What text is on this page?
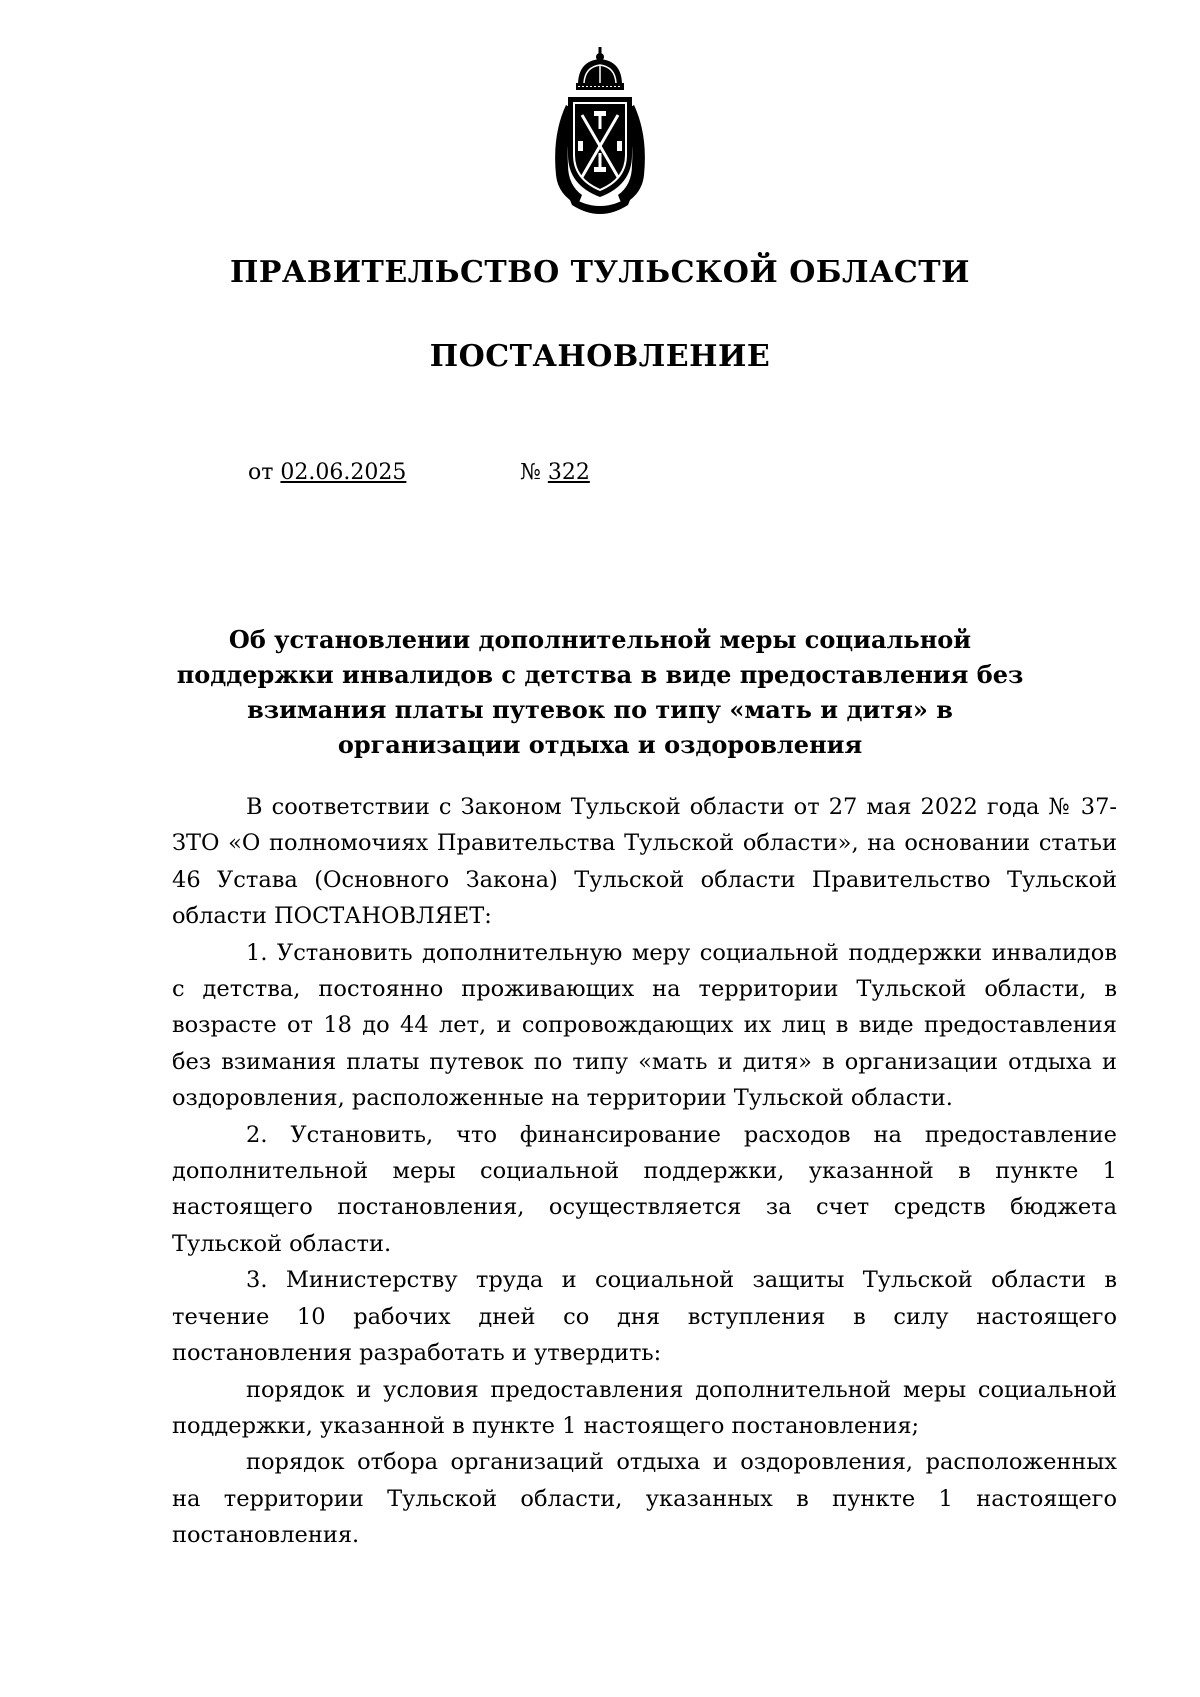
ПРАВИТЕЛЬСТВО ТУЛЬСКОЙ ОБЛАСТИ
ПОСТАНОВЛЕНИЕ
от 02.06.2025	№ 322
Об установлении дополнительной меры социальной поддержки инвалидов с детства в виде предоставления без взимания платы путевок по типу «мать и дитя» в организации отдыха и оздоровления

В соответствии с Законом Тульской области от 27 мая 2022 года № 37-ЗТО «О полномочиях Правительства Тульской области», на основании статьи 46 Устава (Основного Закона) Тульской области Правительство Тульской области ПОСТАНОВЛЯЕТ:

1. Установить дополнительную меру социальной поддержки инвалидов с детства, постоянно проживающих на территории Тульской области, в возрасте от 18 до 44 лет, и сопровождающих их лиц в виде предоставления без взимания платы путевок по типу «мать и дитя» в организации отдыха и оздоровления, расположенные на территории Тульской области.

2. Установить, что финансирование расходов на предоставление дополнительной меры социальной поддержки, указанной в пункте 1 настоящего постановления, осуществляется за счет средств бюджета Тульской области.

3. Министерству труда и социальной защиты Тульской области в течение 10 рабочих дней со дня вступления в силу настоящего постановления разработать и утвердить:

порядок и условия предоставления дополнительной меры социальной поддержки, указанной в пункте 1 настоящего постановления;

порядок отбора организаций отдыха и оздоровления, расположенных на территории Тульской области, указанных в пункте 1 настоящего постановления.
